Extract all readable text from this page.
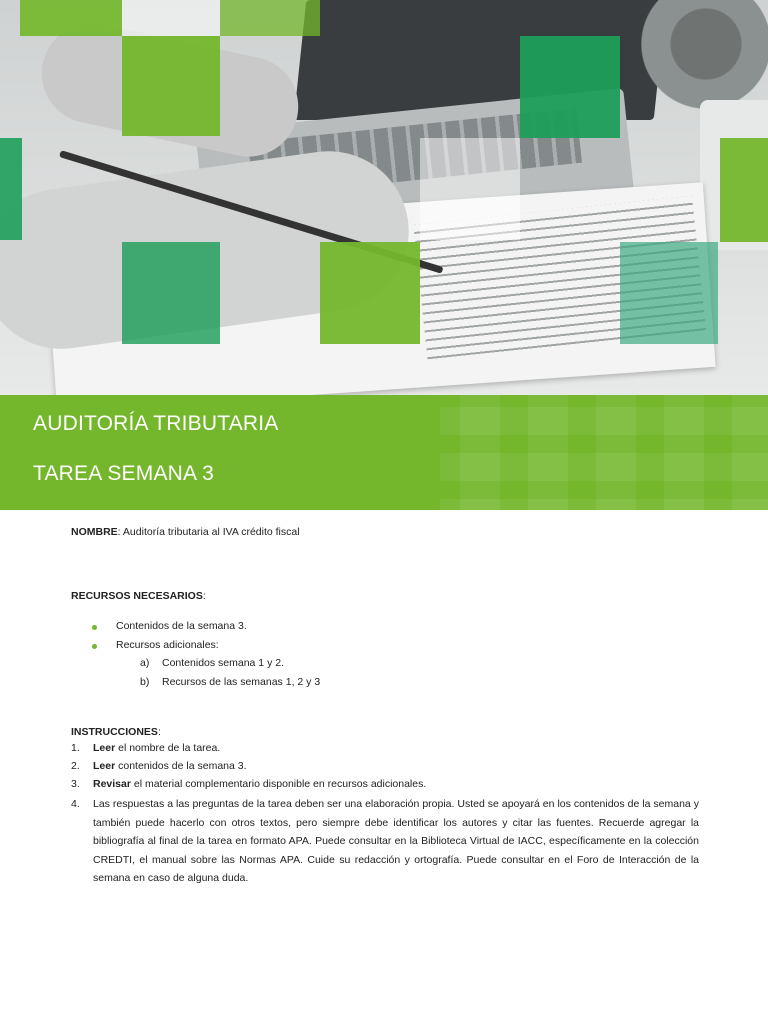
AUDITORÍA TRIBUTARIA
TAREA SEMANA 3
NOMBRE: Auditoría tributaria al IVA crédito fiscal
RECURSOS NECESARIOS:
Contenidos de la semana 3.
Recursos adicionales:
a) Contenidos semana 1 y 2.
b) Recursos de las semanas 1, 2 y 3
INSTRUCCIONES:
1. Leer el nombre de la tarea.
2. Leer contenidos de la semana 3.
3. Revisar el material complementario disponible en recursos adicionales.
4. Las respuestas a las preguntas de la tarea deben ser una elaboración propia. Usted se apoyará en los contenidos de la semana y también puede hacerlo con otros textos, pero siempre debe identificar los autores y citar las fuentes. Recuerde agregar la bibliografía al final de la tarea en formato APA. Puede consultar en la Biblioteca Virtual de IACC, específicamente en la colección CREDTI, el manual sobre las Normas APA. Cuide su redacción y ortografía. Puede consultar en el Foro de Interacción de la semana en caso de alguna duda.
